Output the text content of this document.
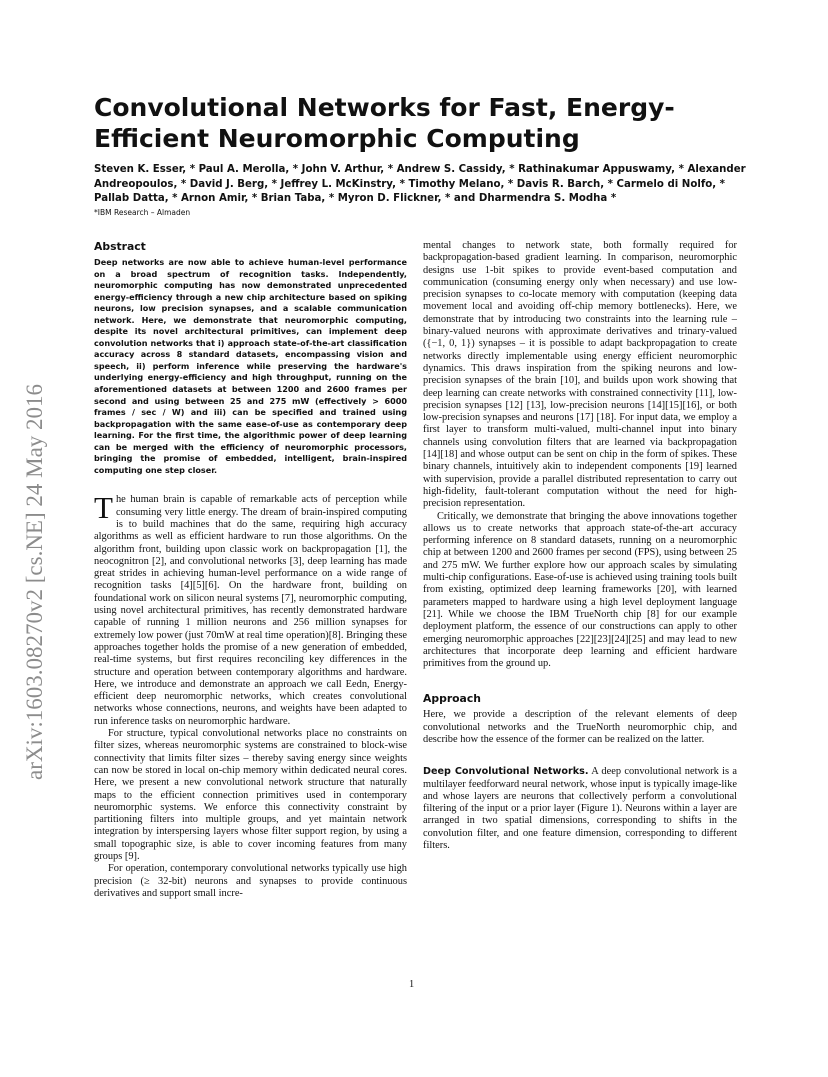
arXiv:1603.08270v2 [cs.NE] 24 May 2016
Convolutional Networks for Fast, Energy-Efficient Neuromorphic Computing
Steven K. Esser, * Paul A. Merolla, * John V. Arthur, * Andrew S. Cassidy, * Rathinakumar Appuswamy, * Alexander Andreopoulos, * David J. Berg, * Jeffrey L. McKinstry, * Timothy Melano, * Davis R. Barch, * Carmelo di Nolfo, * Pallab Datta, * Arnon Amir, * Brian Taba, * Myron D. Flickner, * and Dharmendra S. Modha *
*IBM Research – Almaden
Abstract

Deep networks are now able to achieve human-level performance on a broad spectrum of recognition tasks. Independently, neuromorphic computing has now demonstrated unprecedented energy-efficiency through a new chip architecture based on spiking neurons, low precision synapses, and a scalable communication network. Here, we demonstrate that neuromorphic computing, despite its novel architectural primitives, can implement deep convolution networks that i) approach state-of-the-art classification accuracy across 8 standard datasets, encompassing vision and speech, ii) perform inference while preserving the hardware's underlying energy-efficiency and high throughput, running on the aforementioned datasets at between 1200 and 2600 frames per second and using between 25 and 275 mW (effectively > 6000 frames / sec / W) and iii) can be specified and trained using backpropagation with the same ease-of-use as contemporary deep learning. For the first time, the algorithmic power of deep learning can be merged with the efficiency of neuromorphic processors, bringing the promise of embedded, intelligent, brain-inspired computing one step closer.

The human brain is capable of remarkable acts of perception while consuming very little energy. The dream of brain-inspired computing is to build machines that do the same, requiring high accuracy algorithms as well as efficient hardware to run those algorithms. On the algorithm front, building upon classic work on backpropagation [1], the neocognitron [2], and convolutional networks [3], deep learning has made great strides in achieving human-level performance on a wide range of recognition tasks [4][5][6]. On the hardware front, building on foundational work on silicon neural systems [7], neuromorphic computing, using novel architectural primitives, has recently demonstrated hardware capable of running 1 million neurons and 256 million synapses for extremely low power (just 70mW at real time operation)[8]. Bringing these approaches together holds the promise of a new generation of embedded, real-time systems, but first requires reconciling key differences in the structure and operation between contemporary algorithms and hardware. Here, we introduce and demonstrate an approach we call Eedn, Energy-efficient deep neuromorphic networks, which creates convolutional networks whose connections, neurons, and weights have been adapted to run inference tasks on neuromorphic hardware.

For structure, typical convolutional networks place no constraints on filter sizes, whereas neuromorphic systems are constrained to block-wise connectivity that limits filter sizes – thereby saving energy since weights can now be stored in local on-chip memory within dedicated neural cores. Here, we present a new convolutional network structure that naturally maps to the efficient connection primitives used in contemporary neuromorphic systems. We enforce this connectivity constraint by partitioning filters into multiple groups, and yet maintain network integration by interspersing layers whose filter support region, by using a small topographic size, is able to cover incoming features from many groups [9].

For operation, contemporary convolutional networks typically use high precision (≥ 32-bit) neurons and synapses to provide continuous derivatives and support small incre-

mental changes to network state, both formally required for backpropagation-based gradient learning. In comparison, neuromorphic designs use 1-bit spikes to provide event-based computation and communication (consuming energy only when necessary) and use low-precision synapses to co-locate memory with computation (keeping data movement local and avoiding off-chip memory bottlenecks). Here, we demonstrate that by introducing two constraints into the learning rule – binary-valued neurons with approximate derivatives and trinary-valued ({−1, 0, 1}) synapses – it is possible to adapt backpropagation to create networks directly implementable using energy efficient neuromorphic dynamics. This draws inspiration from the spiking neurons and low-precision synapses of the brain [10], and builds upon work showing that deep learning can create networks with constrained connectivity [11], low-precision synapses [12] [13], low-precision neurons [14][15][16], or both low-precision synapses and neurons [17] [18]. For input data, we employ a first layer to transform multi-valued, multi-channel input into binary channels using convolution filters that are learned via backpropagation [14][18] and whose output can be sent on chip in the form of spikes. These binary channels, intuitively akin to independent components [19] learned with supervision, provide a parallel distributed representation to carry out high-fidelity, fault-tolerant computation without the need for high-precision representation.

Critically, we demonstrate that bringing the above innovations together allows us to create networks that approach state-of-the-art accuracy performing inference on 8 standard datasets, running on a neuromorphic chip at between 1200 and 2600 frames per second (FPS), using between 25 and 275 mW. We further explore how our approach scales by simulating multi-chip configurations. Ease-of-use is achieved using training tools built from existing, optimized deep learning frameworks [20], with learned parameters mapped to hardware using a high level deployment language [21]. While we choose the IBM TrueNorth chip [8] for our example deployment platform, the essence of our constructions can apply to other emerging neuromorphic approaches [22][23][24][25] and may lead to new architectures that incorporate deep learning and efficient hardware primitives from the ground up.

Approach

Here, we provide a description of the relevant elements of deep convolutional networks and the TrueNorth neuromorphic chip, and describe how the essence of the former can be realized on the latter.

Deep Convolutional Networks. A deep convolutional network is a multilayer feedforward neural network, whose input is typically image-like and whose layers are neurons that collectively perform a convolutional filtering of the input or a prior layer (Figure 1). Neurons within a layer are arranged in two spatial dimensions, corresponding to shifts in the convolution filter, and one feature dimension, corresponding to different filters.

1
